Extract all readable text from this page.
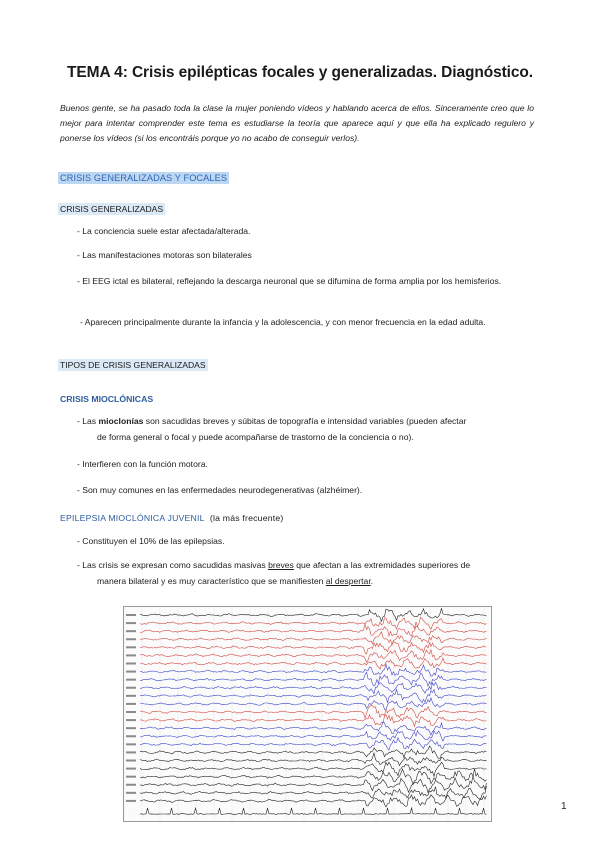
TEMA 4: Crisis epilépticas focales y generalizadas. Diagnóstico.
Buenos gente, se ha pasado toda la clase la mujer poniendo vídeos y hablando acerca de ellos. Sinceramente creo que lo mejor para intentar comprender este tema es estudiarse la teoría que aparece aquí y que ella ha explicado regulero y ponerse los vídeos (si los encontráis porque yo no acabo de conseguir verlos).
CRISIS GENERALIZADAS Y FOCALES
CRISIS GENERALIZADAS
- La conciencia suele estar afectada/alterada.
- Las manifestaciones motoras son bilaterales
- El EEG ictal es bilateral, reflejando la descarga neuronal que se difumina de forma amplia por los hemisferios.
- Aparecen principalmente durante la infancia y la adolescencia, y con menor frecuencia en la edad adulta.
TIPOS DE CRISIS GENERALIZADAS
CRISIS MIOCLÓNICAS
- Las mioclonías son sacudidas breves y súbitas de topografía e intensidad variables (pueden afectar
de forma general o focal y puede acompañarse de trastorno de la conciencia o no).
- Interfieren con la función motora.
- Son muy comunes en las enfermedades neurodegenerativas (alzhéimer).
EPILEPSIA MIOCLÓNICA JUVENIL (la más frecuente)
- Constituyen el 10% de las epilepsias.
- Las crisis se expresan como sacudidas masivas breves que afectan a las extremidades superiores de
manera bilateral y es muy característico que se manifiesten al despertar.
1
